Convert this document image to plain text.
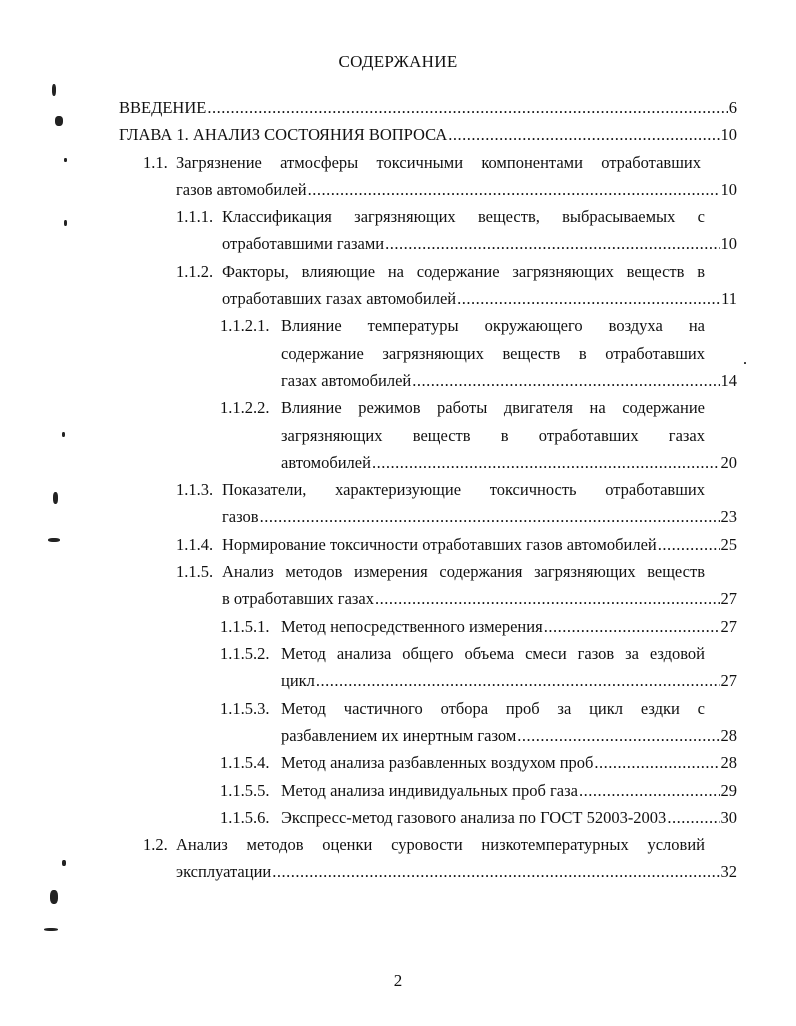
СОДЕРЖАНИЕ
ВВЕДЕНИЕ .....	6
ГЛАВА 1. АНАЛИЗ СОСТОЯНИЯ ВОПРОСА .....	10
1.1. Загрязнение атмосферы токсичными компонентами отработавших
газов автомобилей .....	10
1.1.1. Классификация загрязняющих веществ, выбрасываемых с
отработавшими газами .....	10
1.1.2. Факторы, влияющие на содержание загрязняющих веществ в
отработавших газах автомобилей .....	11
1.1.2.1. Влияние температуры окружающего воздуха на
содержание загрязняющих веществ в отработавших
газах автомобилей .....	14
1.1.2.2. Влияние режимов работы двигателя на содержание
загрязняющих веществ в отработавших газах
автомобилей .....	20
1.1.3. Показатели, характеризующие токсичность отработавших
газов .....	23
1.1.4. Нормирование токсичности отработавших газов автомобилей .....	25
1.1.5. Анализ методов измерения содержания загрязняющих веществ
в отработавших газах .....	27
1.1.5.1. Метод непосредственного измерения .....	27
1.1.5.2. Метод анализа общего объема смеси газов за ездовой
цикл .....	27
1.1.5.3. Метод частичного отбора проб за цикл ездки с
разбавлением их инертным газом .....	28
1.1.5.4. Метод анализа разбавленных воздухом проб .....	28
1.1.5.5. Метод анализа индивидуальных проб газа .....	29
1.1.5.6. Экспресс-метод газового анализа по ГОСТ 52003-2003 .....	30
1.2. Анализ методов оценки суровости низкотемпературных условий
эксплуатации .....	32
2
